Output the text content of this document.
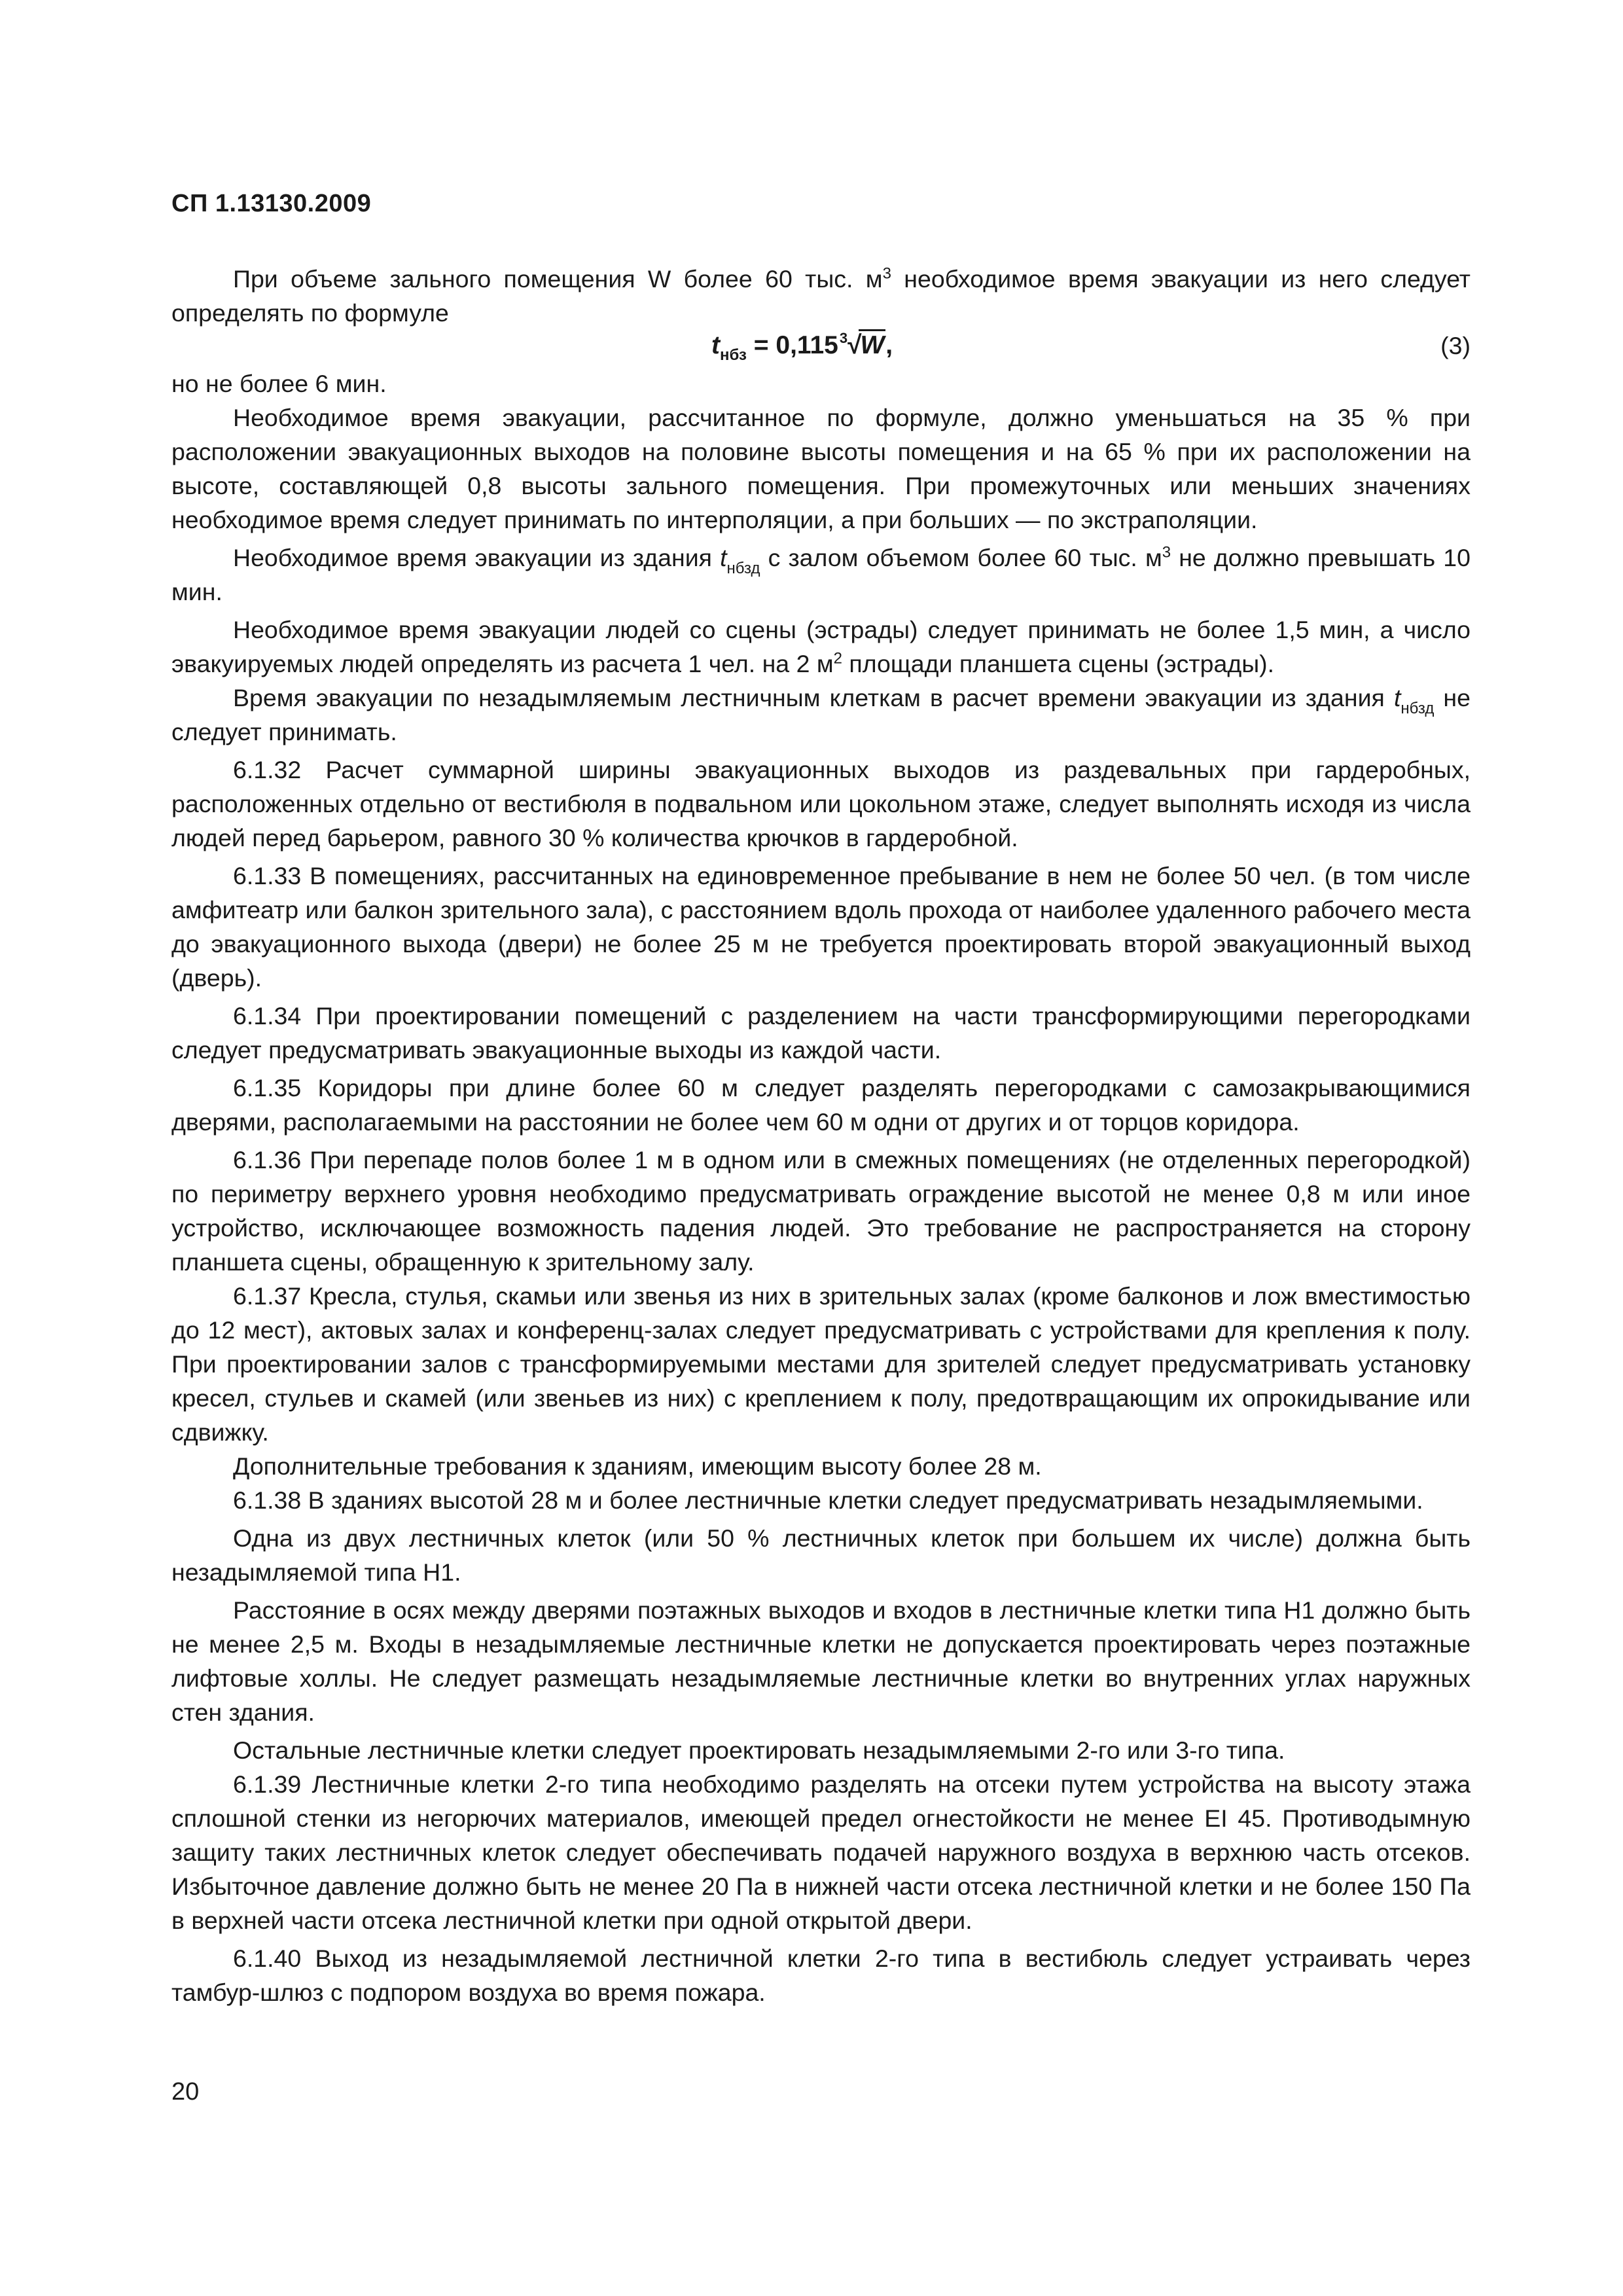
СП 1.13130.2009

При объеме зального помещения W более 60 тыс. $м^3$ необходимое время эвакуации из него следует определять по формуле

$t_{нбз} = 0,115^3√W$,	(3)

но не более 6 мин.

Необходимое время эвакуации, рассчитанное по формуле, должно уменьшаться на 35 % при расположении эвакуационных выходов на половине высоты помещения и на 65 % при их расположении на высоте, составляющей 0,8 высоты зального помещения. При промежуточных или меньших значениях необходимое время следует принимать по интерполяции, а при больших — по экстраполяции.

Необходимое время эвакуации из здания $t_{нбзд}$ с залом объемом более 60 тыс. $м^3$ не должно превышать 10 мин.

Необходимое время эвакуации людей со сцены (эстрады) следует принимать не более 1,5 мин, а число эвакуируемых людей определять из расчета 1 чел. на 2 $м^2$ площади планшета сцены (эстрады).

Время эвакуации по незадымляемым лестничным клеткам в расчет времени эвакуации из здания $t_{нбзд}$ не следует принимать.

6.1.32 Расчет суммарной ширины эвакуационных выходов из раздевальных при гардеробных, расположенных отдельно от вестибюля в подвальном или цокольном этаже, следует выполнять исходя из числа людей перед барьером, равного 30 % количества крючков в гардеробной.

6.1.33 В помещениях, рассчитанных на единовременное пребывание в нем не более 50 чел. (в том числе амфитеатр или балкон зрительного зала), с расстоянием вдоль прохода от наиболее удаленного рабочего места до эвакуационного выхода (двери) не более 25 м не требуется проектировать второй эвакуационный выход (дверь).

6.1.34 При проектировании помещений с разделением на части трансформирующими перегородками следует предусматривать эвакуационные выходы из каждой части.

6.1.35 Коридоры при длине более 60 м следует разделять перегородками с самозакрывающимися дверями, располагаемыми на расстоянии не более чем 60 м одни от других и от торцов коридора.

6.1.36 При перепаде полов более 1 м в одном или в смежных помещениях (не отделенных перегородкой) по периметру верхнего уровня необходимо предусматривать ограждение высотой не менее 0,8 м или иное устройство, исключающее возможность падения людей. Это требование не распространяется на сторону планшета сцены, обращенную к зрительному залу.

6.1.37 Кресла, стулья, скамьи или звенья из них в зрительных залах (кроме балконов и лож вместимостью до 12 мест), актовых залах и конференц-залах следует предусматривать с устройствами для крепления к полу. При проектировании залов с трансформируемыми местами для зрителей следует предусматривать установку кресел, стульев и скамей (или звеньев из них) с креплением к полу, предотвращающим их опрокидывание или сдвижку.

Дополнительные требования к зданиям, имеющим высоту более 28 м.

6.1.38 В зданиях высотой 28 м и более лестничные клетки следует предусматривать незадымляемыми.

Одна из двух лестничных клеток (или 50 % лестничных клеток при большем их числе) должна быть незадымляемой типа Н1.

Расстояние в осях между дверями поэтажных выходов и входов в лестничные клетки типа Н1 должно быть не менее 2,5 м. Входы в незадымляемые лестничные клетки не допускается проектировать через поэтажные лифтовые холлы. Не следует размещать незадымляемые лестничные клетки во внутренних углах наружных стен здания.

Остальные лестничные клетки следует проектировать незадымляемыми 2-го или 3-го типа.

6.1.39 Лестничные клетки 2-го типа необходимо разделять на отсеки путем устройства на высоту этажа сплошной стенки из негорючих материалов, имеющей предел огнестойкости не менее EI 45. Противодымную защиту таких лестничных клеток следует обеспечивать подачей наружного воздуха в верхнюю часть отсеков. Избыточное давление должно быть не менее 20 Па в нижней части отсека лестничной клетки и не более 150 Па в верхней части отсека лестничной клетки при одной открытой двери.

6.1.40 Выход из незадымляемой лестничной клетки 2-го типа в вестибюль следует устраивать через тамбур-шлюз с подпором воздуха во время пожара.

20
